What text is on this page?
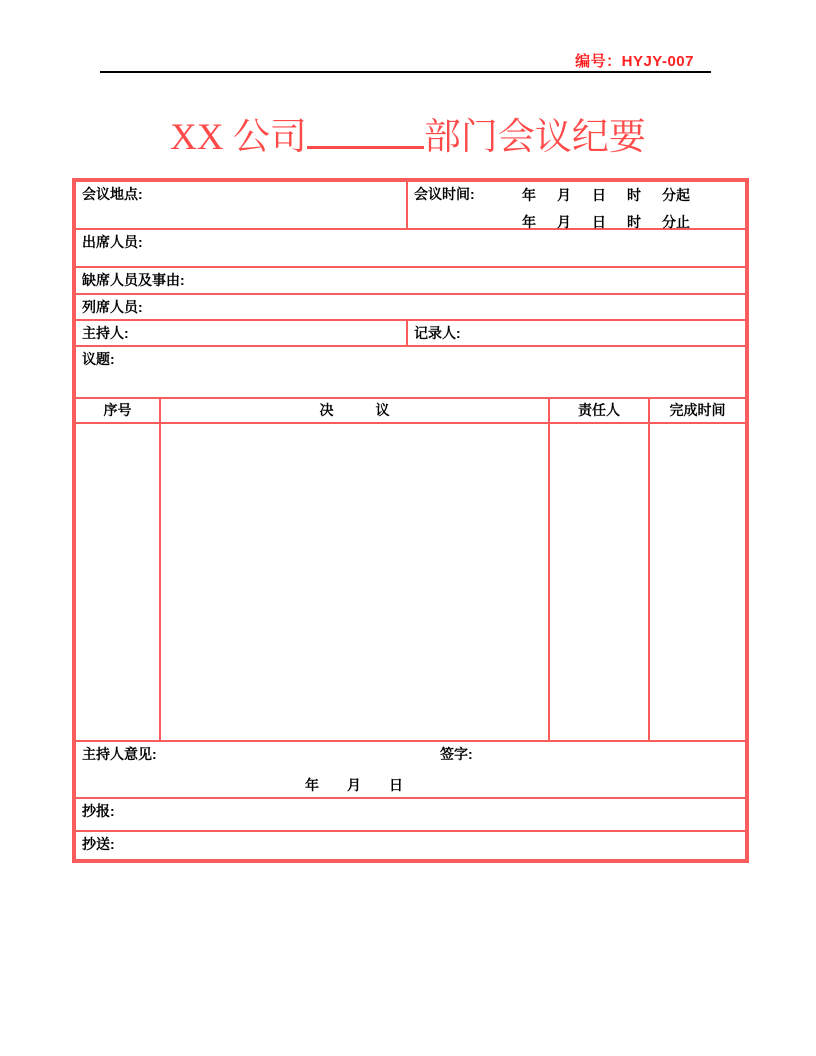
编号：HYJY-007
XX 公司	部门会议纪要
会议地点:	会议时间:	年 月 日 时 分起
年 月 日 时 分止

出席人员:				
缺席人员及事由:				
列席人员:				
主持人:		记录人:		
议题:				
序号	决　　　议		责任人	完成时间

主持人意见: 签字:
年　　月　　日				

抄报:				
抄送:				
